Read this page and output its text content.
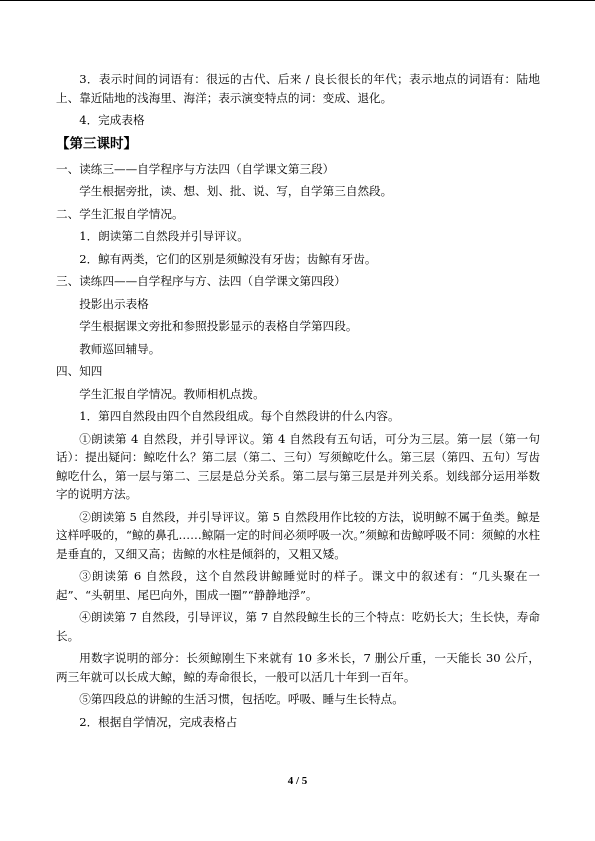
3．表示时间的词语有：很远的古代、后来 / 良长很长的年代；表示地点的词语有：陆地上、靠近陆地的浅海里、海洋；表示演变特点的词：变成、退化。

4．完成表格

【第三课时】

一、读练三——自学程序与方法四（自学课文第三段）

学生根据旁批，读、想、划、批、说、写，自学第三自然段。

二、学生汇报自学情况。

1．朗读第二自然段并引导评议。

2．鲸有两类，它们的区别是须鲸没有牙齿；齿鲸有牙齿。

三、读练四——自学程序与方、法四（自学课文第四段）

投影出示表格

学生根据课文旁批和参照投影显示的表格自学第四段。

教师巡回辅导。

四、知四

学生汇报自学情况。教师相机点拨。

1．第四自然段由四个自然段组成。每个自然段讲的什么内容。

①朗读第 4 自然段，并引导评议。第 4 自然段有五句话，可分为三层。第一层（第一句话）：提出疑问：鲸吃什么？第二层（第二、三句）写须鲸吃什么。第三层（第四、五句）写齿鲸吃什么，第一层与第二、三层是总分关系。第二层与第三层是并列关系。划线部分运用举数字的说明方法。

②朗读第 5 自然段，并引导评议。第 5 自然段用作比较的方法，说明鲸不属于鱼类。鲸是这样呼吸的，“鲸的鼻孔……鲸隔一定的时间必须呼吸一次。”须鲸和齿鲸呼吸不同：须鲸的水柱是垂直的，又细又高；齿鲸的水柱是倾斜的，又粗又矮。

③朗读第 6 自然段，这个自然段讲鲸睡觉时的样子。课文中的叙述有：“几头聚在一起”、“头朝里、尾巴向外，围成一圈”“静静地浮”。

④朗读第 7 自然段，引导评议，第 7 自然段鲸生长的三个特点：吃奶长大；生长快，寿命长。

用数字说明的部分：长须鲸刚生下来就有 10 多米长，7 删公斤重，一天能长 30 公斤，两三年就可以长成大鲸，鲸的寿命很长，一般可以活几十年到一百年。

⑤第四段总的讲鲸的生活习惯，包括吃。呼吸、睡与生长特点。

2．根据自学情况，完成表格占

4 / 5
